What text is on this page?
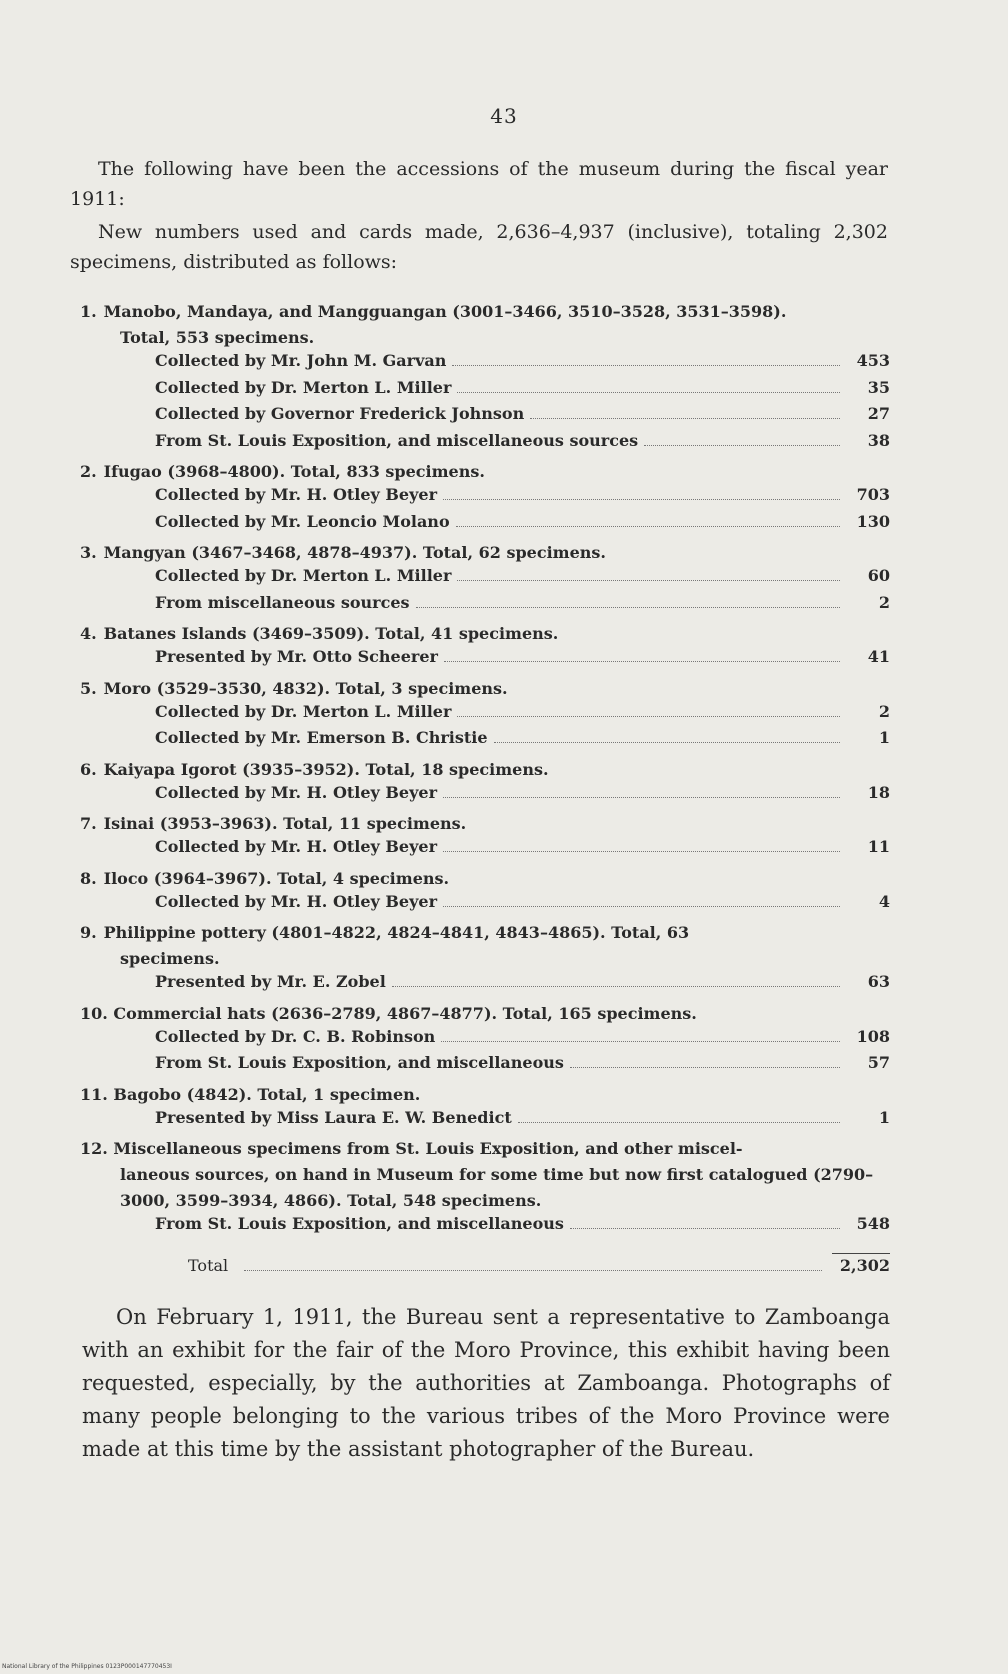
43

The following have been the accessions of the museum during the fiscal year 1911:

New numbers used and cards made, 2,636–4,937 (inclusive), totaling 2,302 specimens, distributed as follows:

1. Manobo, Mandaya, and Mangguangan (3001–3466, 3510–3528, 3531–3598).
Total, 553 specimens.
Collected by Mr. John M. Garvan	453
Collected by Dr. Merton L. Miller	35
Collected by Governor Frederick Johnson	27
From St. Louis Exposition, and miscellaneous sources	38
2. Ifugao (3968–4800). Total, 833 specimens.
Collected by Mr. H. Otley Beyer	703
Collected by Mr. Leoncio Molano	130
3. Mangyan (3467–3468, 4878–4937). Total, 62 specimens.
Collected by Dr. Merton L. Miller	60
From miscellaneous sources	2
4. Batanes Islands (3469–3509). Total, 41 specimens.
Presented by Mr. Otto Scheerer	41
5. Moro (3529–3530, 4832). Total, 3 specimens.
Collected by Dr. Merton L. Miller	2
Collected by Mr. Emerson B. Christie	1
6. Kaiyapa Igorot (3935–3952). Total, 18 specimens.
Collected by Mr. H. Otley Beyer	18
7. Isinai (3953–3963). Total, 11 specimens.
Collected by Mr. H. Otley Beyer	11
8. Iloco (3964–3967). Total, 4 specimens.
Collected by Mr. H. Otley Beyer	4
9. Philippine pottery (4801–4822, 4824–4841, 4843–4865). Total, 63
specimens.
Presented by Mr. E. Zobel	63
10. Commercial hats (2636–2789, 4867–4877). Total, 165 specimens.
Collected by Dr. C. B. Robinson	108
From St. Louis Exposition, and miscellaneous	57
11. Bagobo (4842). Total, 1 specimen.
Presented by Miss Laura E. W. Benedict	1
12. Miscellaneous specimens from St. Louis Exposition, and other miscel-
laneous sources, on hand in Museum for some time but now first catalogued (2790–3000, 3599–3934, 4866). Total, 548 specimens.
From St. Louis Exposition, and miscellaneous	548
Total	2,302

On February 1, 1911, the Bureau sent a representative to Zamboanga with an exhibit for the fair of the Moro Province, this exhibit having been requested, especially, by the authorities at Zamboanga. Photographs of many people belonging to the various tribes of the Moro Province were made at this time by the assistant photographer of the Bureau.

National Library of the Philippines 0123P000147770453I
